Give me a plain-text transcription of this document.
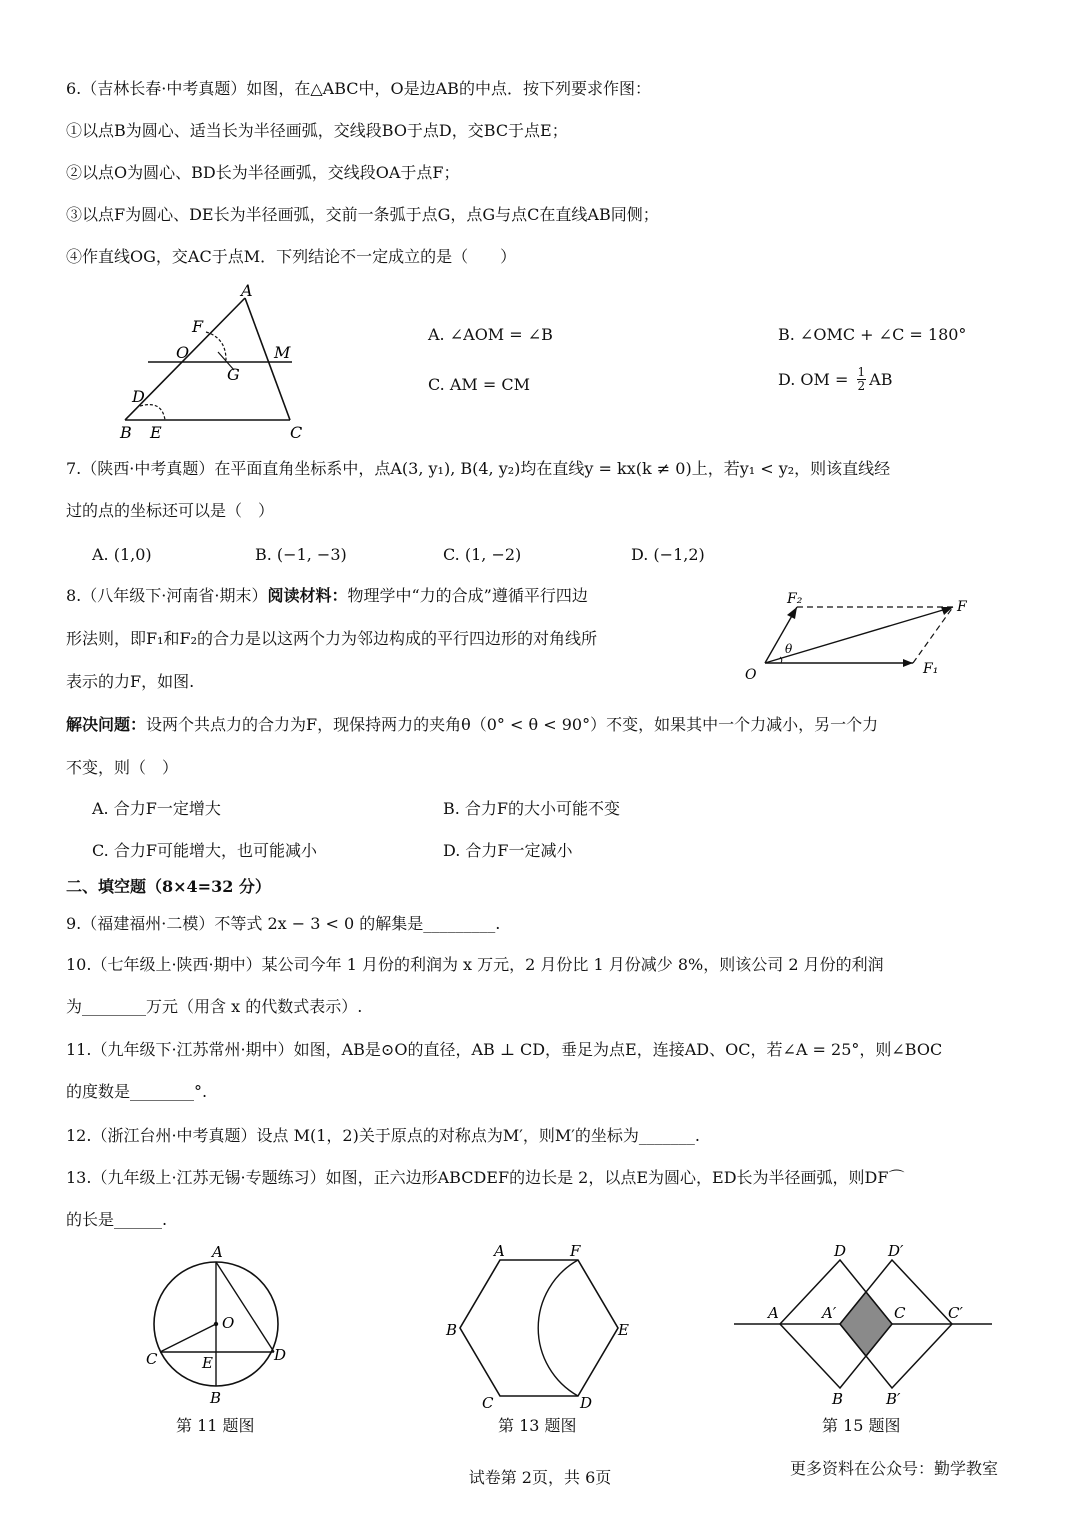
6.（吉林长春·中考真题）如图，在△ABC中，O是边AB的中点．按下列要求作图：
①以点B为圆心、适当长为半径画弧，交线段BO于点D，交BC于点E；
②以点O为圆心、BD长为半径画弧，交线段OA于点F；
③以点F为圆心、DE长为半径画弧，交前一条弧于点G，点G与点C在直线AB同侧；
④作直线OG，交AC于点M．下列结论不一定成立的是（　　）
A
B	C
D
E
F
O
G
M
A. ∠AOM = ∠B	B. ∠OMC + ∠C = 180°
C. AM = CM	D. OM = $\frac{1}{2}$ AB
7.（陕西·中考真题）在平面直角坐标系中，点A(3, y₁), B(4, y₂)均在直线y = kx(k ≠ 0)上，若y₁ < y₂，则该直线经
过的点的坐标还可以是（　）
A. (1,0)	B. (−1, −3)	C. (1, −2)	D. (−1,2)
8.（八年级下·河南省·期末）阅读材料：物理学中“力的合成”遵循平行四边
形法则，即F₁和F₂的合力是以这两个力为邻边构成的平行四边形的对角线所
表示的力F，如图.
F₂	F
F₁
O
θ
解决问题：设两个共点力的合力为F，现保持两力的夹角θ（0° < θ < 90°）不变，如果其中一个力减小，另一个力
不变，则（　）
A. 合力F一定增大	B. 合力F的大小可能不变
C. 合力F可能增大，也可能减小	D. 合力F一定减小
二、填空题（8×4=32 分）
9.（福建福州·二模）不等式 2x − 3 < 0 的解集是_________.
10.（七年级上·陕西·期中）某公司今年 1 月份的利润为 x 万元，2 月份比 1 月份减少 8%，则该公司 2 月份的利润
为________万元（用含 x 的代数式表示）.
11.（九年级下·江苏常州·期中）如图，AB是⊙O的直径，AB ⊥ CD，垂足为点E，连接AD、OC，若∠A = 25°，则∠BOC
的度数是________°.
12.（浙江台州·中考真题）设点 M(1，2)关于原点的对称点为M′，则M′的坐标为_______.
13.（九年级上·江苏无锡·专题练习）如图，正六边形ABCDEF的边长是 2，以点E为圆心，ED长为半径画弧，则DF⌒
的长是______.
A
O
C	D
E
B
第 11 题图
A	F
B	E
C	D
第 13 题图
D	D′
A	A′	C	C′
B	B′
第 15 题图
试卷第 2页，共 6页	更多资料在公众号：勤学教室
